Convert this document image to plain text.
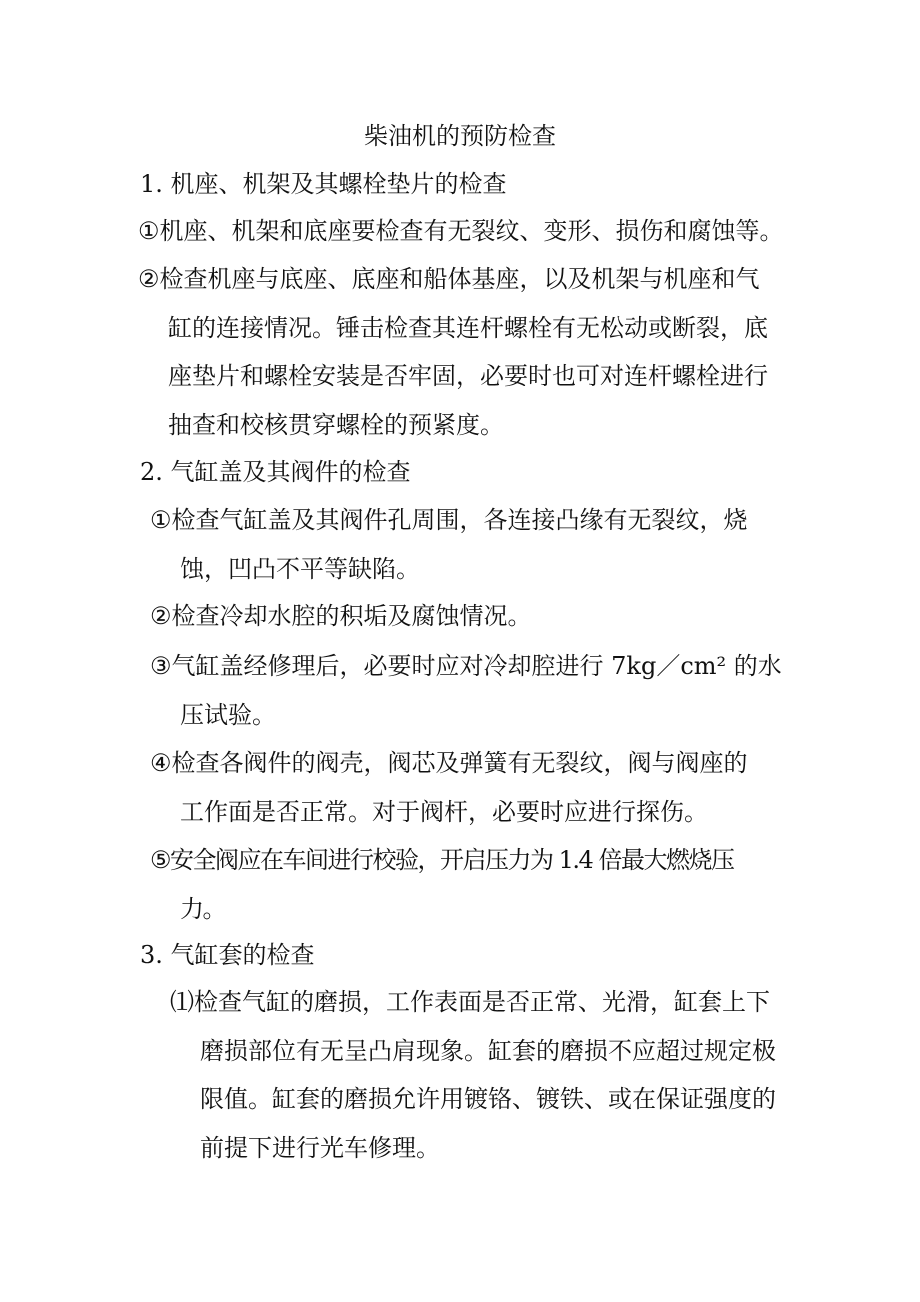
柴油机的预防检查
1. 机座、机架及其螺栓垫片的检查
①机座、机架和底座要检查有无裂纹、变形、损伤和腐蚀等。
②检查机座与底座、底座和船体基座，以及机架与机座和气
缸的连接情况。锤击检查其连杆螺栓有无松动或断裂，底
座垫片和螺栓安装是否牢固，必要时也可对连杆螺栓进行
抽查和校核贯穿螺栓的预紧度。
2. 气缸盖及其阀件的检查
①检查气缸盖及其阀件孔周围，各连接凸缘有无裂纹，烧
蚀，凹凸不平等缺陷。
②检查冷却水腔的积垢及腐蚀情况。
③气缸盖经修理后，必要时应对冷却腔进行 7kg／cm² 的水
压试验。
④检查各阀件的阀壳，阀芯及弹簧有无裂纹，阀与阀座的
工作面是否正常。对于阀杆，必要时应进行探伤。
⑤安全阀应在车间进行校验，开启压力为 1.4 倍最大燃烧压
力。
3. 气缸套的检查
⑴检查气缸的磨损，工作表面是否正常、光滑，缸套上下
磨损部位有无呈凸肩现象。缸套的磨损不应超过规定极
限值。缸套的磨损允许用镀铬、镀铁、或在保证强度的
前提下进行光车修理。
